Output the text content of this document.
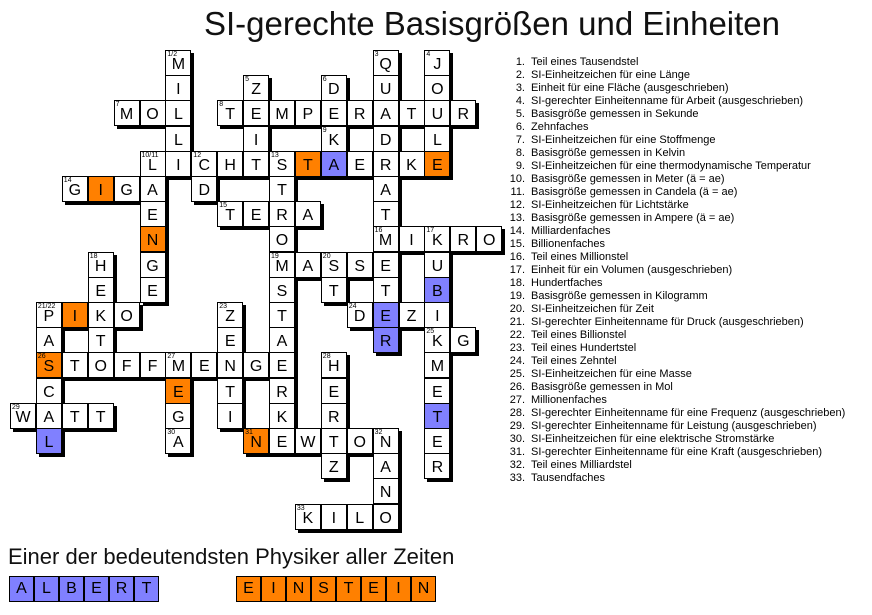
SI-gerechte Basisgrößen und Einheiten
1/2
M
3
Q
4
J
I
5
Z
6
D	U	O
7
M O L
8
T E M P E R A T U R
L	I
9
K	D	L
10/11
L	I
12
C H T
13
S T A E R K E
14
G	I	G A	D	T	A
E
15
T E R A	T
N	O
16
M	I
17
K R O
18
H	G
19
M A
20
S S E	U
E	E	S	T	T	B
21/22
P	I	K O
23
Z	T
24
D E Z	I
A	T	E	A	R
25
K G
26
S T O F	F
27
M E N G E
28
H	M
C	E	T	R	E	E
29
W A T	T	G	I	K	R	T
L
30
A
31
N E W T O
32
N	E
Z	A	R
N
33
K	I	L O
1. Teil eines Tausendstel
2. SI-Einheitzeichen für eine Länge
3. Einheit für eine Fläche (ausgeschrieben)
4. SI-gerechter Einheitenname für Arbeit (ausgeschrieben)
5. Basisgröße gemessen in Sekunde
6. Zehnfaches
7. SI-Einheitzeichen für eine Stoffmenge
8. Basisgröße gemessen in Kelvin
9. SI-Einheitzeichen für eine thermodynamische Temperatur
10. Basisgröße gemessen in Meter (ä = ae)
11. Basisgröße gemessen in Candela (ä = ae)
12. SI-Einheitzeichen für Lichtstärke
13. Basisgröße gemessen in Ampere (ä = ae)
14. Milliardenfaches
15. Billionenfaches
16. Teil eines Millionstel
17. Einheit für ein Volumen (ausgeschrieben)
18. Hundertfaches
19. Basisgröße gemessen in Kilogramm
20. SI-Einheitzeichen für Zeit
21. SI-gerechter Einheitenname für Druck (ausgeschrieben)
22. Teil eines Billionstel
23. Teil eines Hundertstel
24. Teil eines Zehntel
25. SI-Einheitzeichen für eine Masse
26. Basisgröße gemessen in Mol
27. Millionenfaches
28. SI-gerechter Einheitenname für eine Frequenz (ausgeschrieben)
29. SI-gerechter Einheitenname für Leistung (ausgeschrieben)
30. SI-Einheitzeichen für eine elektrische Stromstärke
31. SI-gerechter Einheitenname für eine Kraft (ausgeschrieben)
32. Teil eines Milliardstel
33. Tausendfaches
Einer der bedeutendsten Physiker aller Zeiten
A L B E R T	E	I	N S T E	I	N
